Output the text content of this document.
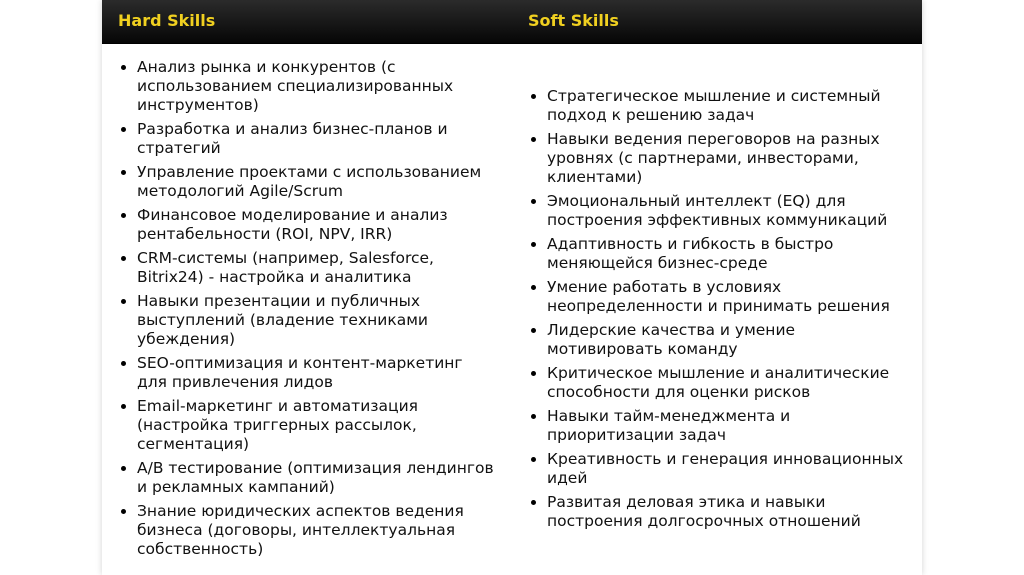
Hard Skills	Soft Skills
Анализ рынка и конкурентов (с использованием специализированных инструментов)
Разработка и анализ бизнес-планов и стратегий
Управление проектами с использованием методологий Agile/Scrum
Финансовое моделирование и анализ рентабельности (ROI, NPV, IRR)
CRM-системы (например, Salesforce, Bitrix24) - настройка и аналитика
Навыки презентации и публичных выступлений (владение техниками убеждения)
SEO-оптимизация и контент-маркетинг для привлечения лидов
Email-маркетинг и автоматизация (настройка триггерных рассылок, сегментация)
A/B тестирование (оптимизация лендингов и рекламных кампаний)
Знание юридических аспектов ведения бизнеса (договоры, интеллектуальная собственность)
Стратегическое мышление и системный подход к решению задач
Навыки ведения переговоров на разных уровнях (с партнерами, инвесторами, клиентами)
Эмоциональный интеллект (EQ) для построения эффективных коммуникаций
Адаптивность и гибкость в быстро меняющейся бизнес-среде
Умение работать в условиях неопределенности и принимать решения
Лидерские качества и умение мотивировать команду
Критическое мышление и аналитические способности для оценки рисков
Навыки тайм-менеджмента и приоритизации задач
Креативность и генерация инновационных идей
Развитая деловая этика и навыки построения долгосрочных отношений
